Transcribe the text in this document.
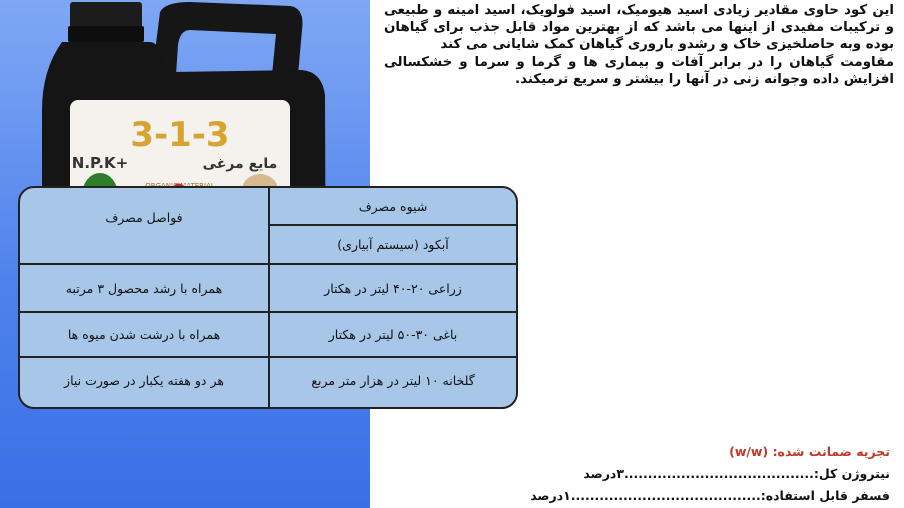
3-1-3
N.P.K+	مایع مرغی

این کود حاوی مقادیر زیادی اسید هیومیک، اسید فولویک، اسید امینه و طبیعی و ترکیبات مفیدی از اینها می باشد که از بهترین مواد قابل جذب برای گیاهان بوده وبه حاصلخیزی خاک و رشدو باروری گیاهان کمک شایانی می کند

مقاومت گیاهان را در برابر آفات و بیماری ها و گرما و سرما و خشکسالی افزایش داده وجوانه زنی در آنها را بیشتر و سریع ترمیکند.

شیوه مصرف
فواصل مصرف
آبکود (سیستم آبیاری)
زراعی ۲۰-۴۰ لیتر در هکتار
همراه با رشد محصول ۳ مرتبه
باغی ۳۰-۵۰ لیتر در هکتار
همراه با درشت شدن میوه ها
گلخانه ۱۰ لیتر در هزار متر مربع
هر دو هفته یکبار در صورت نیاز
تجزیه ضمانت شده: (w/w)
نیتروژن کل:
........................................۳درصد
فسفر قابل استفاده:
........................................۱درصد
